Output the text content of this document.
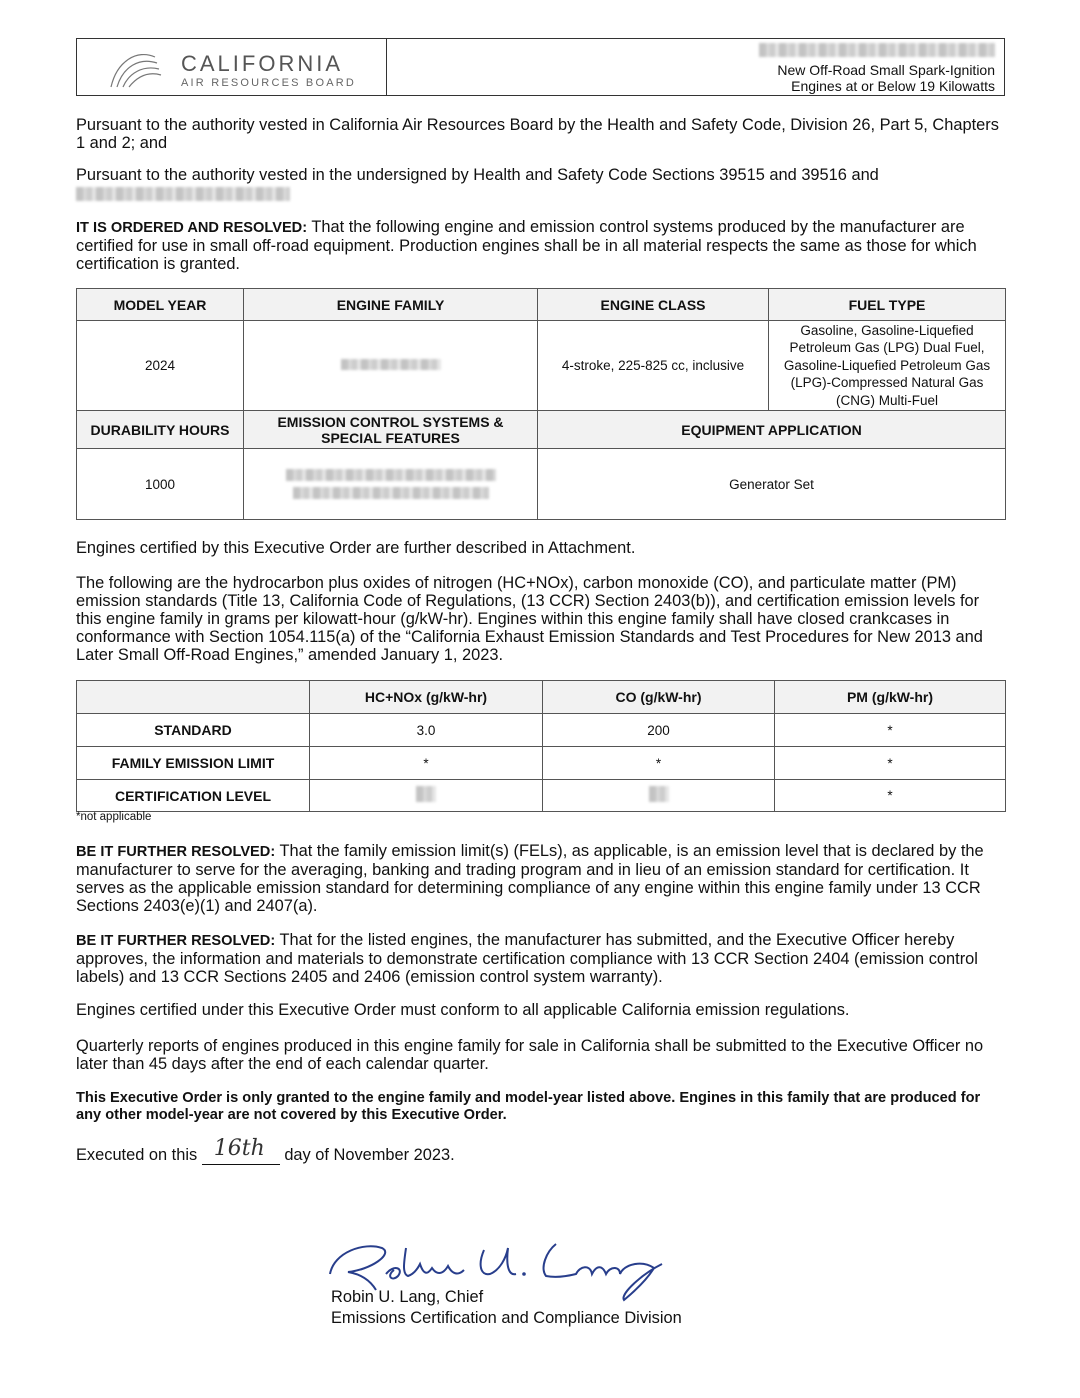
CALIFORNIA
AIR RESOURCES BOARD
New Off-Road Small Spark-Ignition
Engines at or Below 19 Kilowatts

Pursuant to the authority vested in California Air Resources Board by the Health and Safety Code, Division 26, Part 5, Chapters 1 and 2; and

Pursuant to the authority vested in the undersigned by Health and Safety Code Sections 39515 and 39516 and

IT IS ORDERED AND RESOLVED: That the following engine and emission control systems produced by the manufacturer are certified for use in small off-road equipment. Production engines shall be in all material respects the same as those for which certification is granted.

MODEL YEAR	ENGINE FAMILY	ENGINE CLASS	FUEL TYPE
2024		4-stroke, 225-825 cc, inclusive	Gasoline, Gasoline-Liquefied Petroleum Gas (LPG) Dual Fuel, Gasoline-Liquefied Petroleum Gas (LPG)-Compressed Natural Gas (CNG) Multi-Fuel
DURABILITY HOURS	EMISSION CONTROL SYSTEMS & SPECIAL FEATURES	EQUIPMENT APPLICATION	
1000		Generator Set	

Engines certified by this Executive Order are further described in Attachment.

The following are the hydrocarbon plus oxides of nitrogen (HC+NOx), carbon monoxide (CO), and particulate matter (PM) emission standards (Title 13, California Code of Regulations, (13 CCR) Section 2403(b)), and certification emission levels for this engine family in grams per kilowatt-hour (g/kW-hr). Engines within this engine family shall have closed crankcases in conformance with Section 1054.115(a) of the “California Exhaust Emission Standards and Test Procedures for New 2013 and Later Small Off-Road Engines,” amended January 1, 2023.

	HC+NOx (g/kW-hr)	CO (g/kW-hr)	PM (g/kW-hr)
STANDARD	3.0	200	*
FAMILY EMISSION LIMIT	*	*	*
CERTIFICATION LEVEL			*
*not applicable

BE IT FURTHER RESOLVED: That the family emission limit(s) (FELs), as applicable, is an emission level that is declared by the manufacturer to serve for the averaging, banking and trading program and in lieu of an emission standard for certification. It serves as the applicable emission standard for determining compliance of any engine within this engine family under 13 CCR Sections 2403(e)(1) and 2407(a).

BE IT FURTHER RESOLVED: That for the listed engines, the manufacturer has submitted, and the Executive Officer hereby approves, the information and materials to demonstrate certification compliance with 13 CCR Section 2404 (emission control labels) and 13 CCR Sections 2405 and 2406 (emission control system warranty).

Engines certified under this Executive Order must conform to all applicable California emission regulations.

Quarterly reports of engines produced in this engine family for sale in California shall be submitted to the Executive Officer no later than 45 days after the end of each calendar quarter.

This Executive Order is only granted to the engine family and model-year listed above. Engines in this family that are produced for any other model-year are not covered by this Executive Order.

Executed on this 16th day of November 2023.
Robin U. Lang, Chief
Emissions Certification and Compliance Division
